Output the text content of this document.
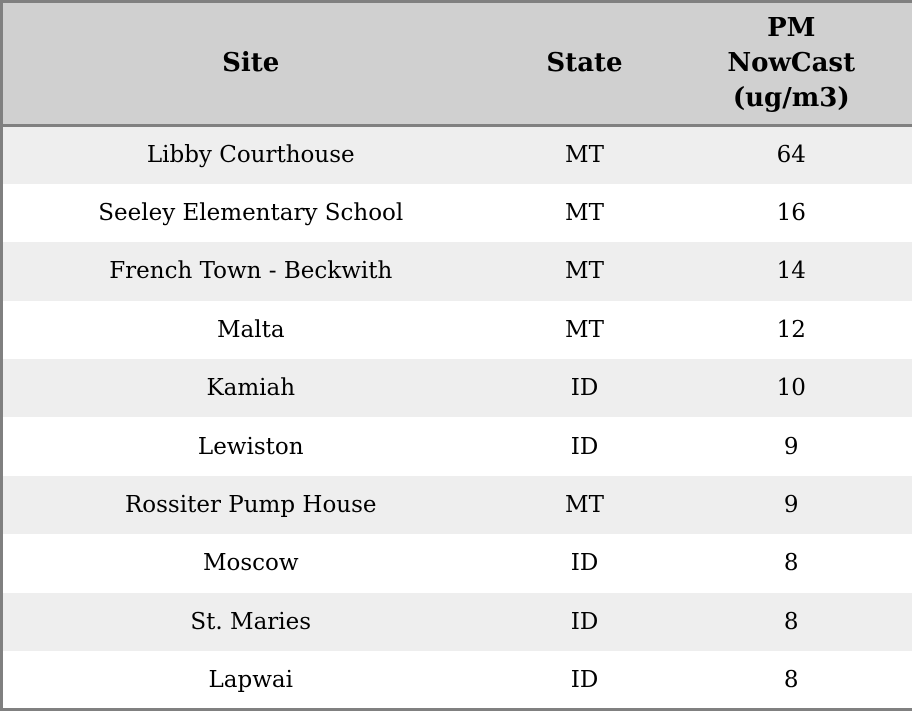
Site	State	PM
NowCast
(ug/m3)

Libby Courthouse	MT	64
Seeley Elementary School	MT	16
French Town - Beckwith	MT	14
Malta	MT	12
Kamiah	ID	10
Lewiston	ID	9
Rossiter Pump House	MT	9
Moscow	ID	8
St. Maries	ID	8
Lapwai	ID	8
